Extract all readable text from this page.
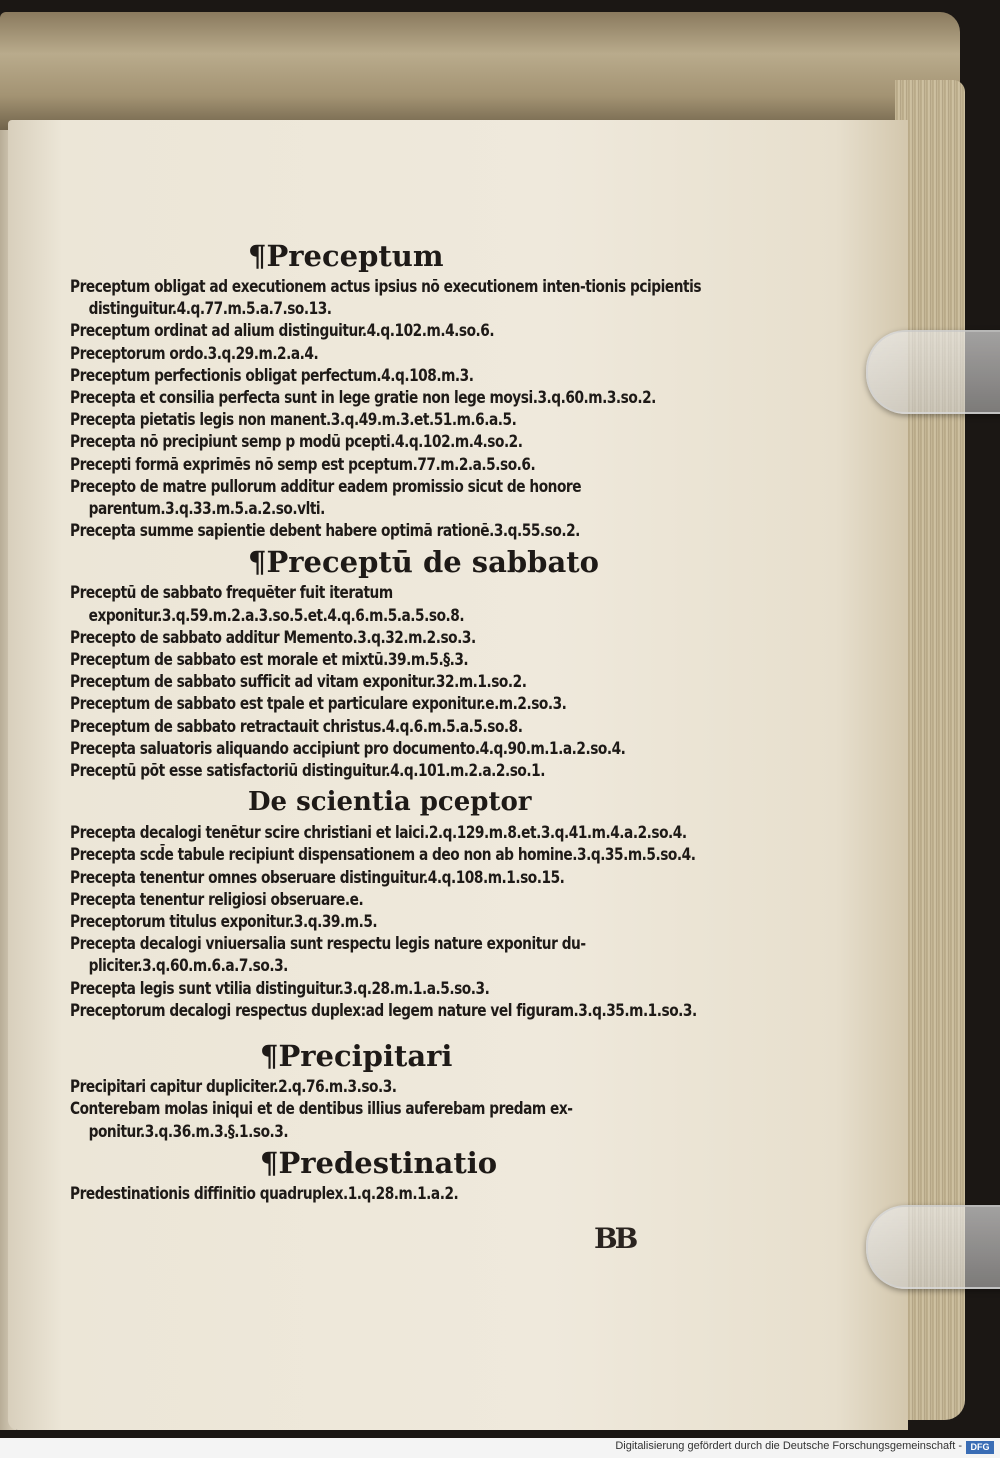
¶Preceptum
Preceptum obligat ad executionem actus ipsius nō executionem inten-tionis pcipientis distinguitur.4.q.77.m.5.a.7.so.13.
Preceptum ordinat ad alium distinguitur.4.q.102.m.4.so.6.
Preceptorum ordo.3.q.29.m.2.a.4.
Preceptum perfectionis obligat perfectum.4.q.108.m.3.
Precepta et consilia perfecta sunt in lege gratie non lege moysi.3.q.60.m.3.so.2.
Precepta pietatis legis non manent.3.q.49.m.3.et.51.m.6.a.5.
Precepta nō precipiunt semp p modū pcepti.4.q.102.m.4.so.2.
Precepti formā exprimēs nō semp est pceptum.77.m.2.a.5.so.6.
Precepto de matre pullorum additur eadem promissio sicut de honore parentum.3.q.33.m.5.a.2.so.vlti.
Precepta summe sapientie debent habere optimā rationē.3.q.55.so.2.
¶Preceptū de sabbato
Preceptū de sabbato frequēter fuit iteratum exponitur.3.q.59.m.2.a.3.so.5.et.4.q.6.m.5.a.5.so.8.
Precepto de sabbato additur Memento.3.q.32.m.2.so.3.
Preceptum de sabbato est morale et mixtū.39.m.5.§.3.
Preceptum de sabbato sufficit ad vitam exponitur.32.m.1.so.2.
Preceptum de sabbato est tpale et particulare exponitur.e.m.2.so.3.
Preceptum de sabbato retractauit christus.4.q.6.m.5.a.5.so.8.
Precepta saluatoris aliquando accipiunt pro documento.4.q.90.m.1.a.2.so.4.
Preceptū pōt esse satisfactoriū distinguitur.4.q.101.m.2.a.2.so.1.
De scientia pceptor
Precepta decalogi tenētur scire christiani et laici.2.q.129.m.8.et.3.q.41.m.4.a.2.so.4.
Precepta scd̄e tabule recipiunt dispensationem a deo non ab homine.3.q.35.m.5.so.4.
Precepta tenentur omnes obseruare distinguitur.4.q.108.m.1.so.15.
Precepta tenentur religiosi obseruare.e.
Preceptorum titulus exponitur.3.q.39.m.5.
Precepta decalogi vniuersalia sunt respectu legis nature exponitur du-pliciter.3.q.60.m.6.a.7.so.3.
Precepta legis sunt vtilia distinguitur.3.q.28.m.1.a.5.so.3.
Preceptorum decalogi respectus duplex:ad legem nature vel figuram.3.q.35.m.1.so.3.
¶Precipitari
Precipitari capitur dupliciter.2.q.76.m.3.so.3.
Conterebam molas iniqui et de dentibus illius auferebam predam ex-ponitur.3.q.36.m.3.§.1.so.3.
¶Predestinatio
Predestinationis diffinitio quadruplex.1.q.28.m.1.a.2.
BB
Digitalisierung gefördert durch die Deutsche Forschungsgemeinschaft - DFG
